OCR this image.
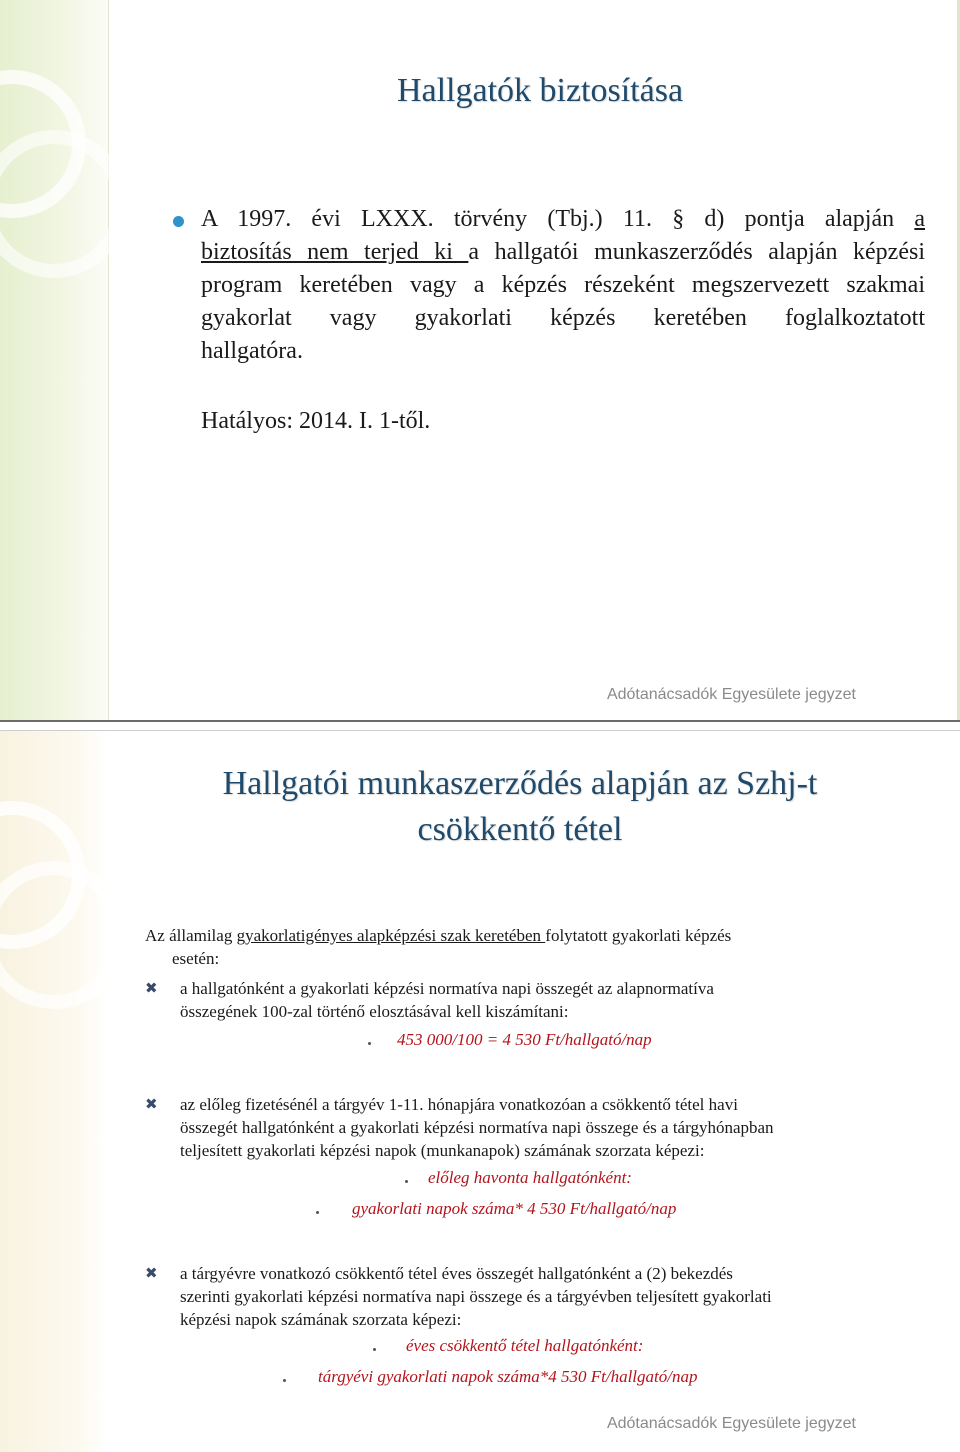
Hallgatók biztosítása
A 1997. évi LXXX. törvény (Tbj.) 11. § d) pontja alapján a
biztosítás nem terjed ki a hallgatói munkaszerződés alapján képzési
program keretében vagy a képzés részeként megszervezett szakmai
gyakorlat vagy gyakorlati képzés keretében foglalkoztatott
hallgatóra.
Hatályos: 2014. I. 1-től.
Adótanácsadók Egyesülete jegyzet
Hallgatói munkaszerződés alapján az Szhj-t
csökkentő tétel
Az államilag gyakorlatigényes alapképzési szak keretében folytatott gyakorlati képzés
esetén:
✖ a hallgatónként a gyakorlati képzési normatíva napi összegét az alapnormatíva
összegének 100-zal történő elosztásával kell kiszámítani:
453 000/100 = 4 530 Ft/hallgató/nap
✖ az előleg fizetésénél a tárgyév 1-11. hónapjára vonatkozóan a csökkentő tétel havi
összegét hallgatónként a gyakorlati képzési normatíva napi összege és a tárgyhónapban
teljesített gyakorlati képzési napok (munkanapok) számának szorzata képezi:
előleg havonta hallgatónként:
gyakorlati napok száma* 4 530 Ft/hallgató/nap
✖ a tárgyévre vonatkozó csökkentő tétel éves összegét hallgatónként a (2) bekezdés
szerinti gyakorlati képzési normatíva napi összege és a tárgyévben teljesített gyakorlati
képzési napok számának szorzata képezi:
éves csökkentő tétel hallgatónként:
tárgyévi gyakorlati napok száma*4 530 Ft/hallgató/nap
Adótanácsadók Egyesülete jegyzet
